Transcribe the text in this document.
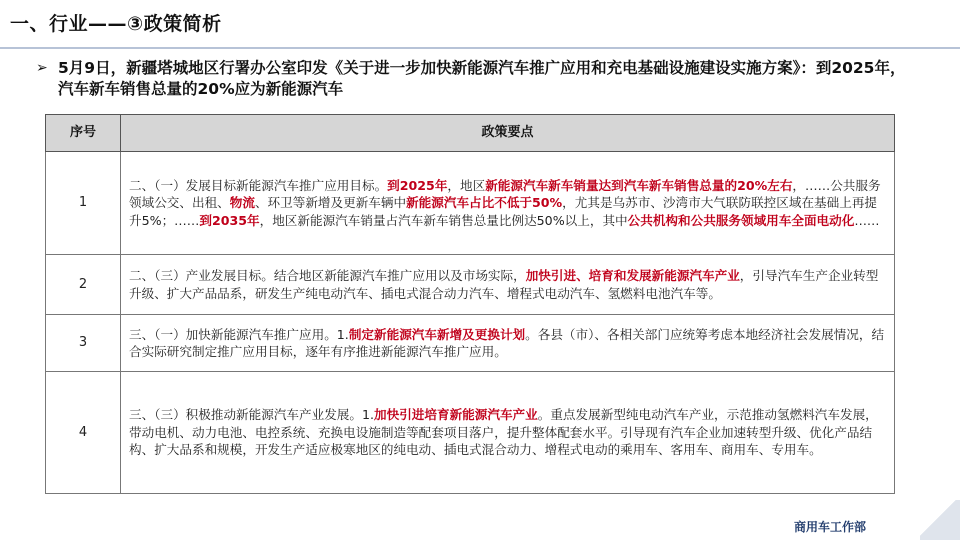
一、行业——③政策简析
➢ 5月9日，新疆塔城地区行署办公室印发《关于进一步加快新能源汽车推广应用和充电基础设施建设实施方案》：到2025年，汽车新车销售总量的20%应为新能源汽车
序号	政策要点
1	二、（一）发展目标新能源汽车推广应用目标。到2025年，地区新能源汽车新车销量达到汽车新车销售总量的20%左右，……公共服务领域公交、出租、物流、环卫等新增及更新车辆中新能源汽车占比不低于50%，尤其是乌苏市、沙湾市大气联防联控区域在基础上再提升5%；……到2035年，地区新能源汽车销量占汽车新车销售总量比例达50%以上，其中公共机构和公共服务领域用车全面电动化……
2	二、（三）产业发展目标。结合地区新能源汽车推广应用以及市场实际，加快引进、培育和发展新能源汽车产业，引导汽车生产企业转型升级、扩大产品品系，研发生产纯电动汽车、插电式混合动力汽车、增程式电动汽车、氢燃料电池汽车等。
3	三、（一）加快新能源汽车推广应用。1.制定新能源汽车新增及更换计划。各县（市）、各相关部门应统筹考虑本地经济社会发展情况，结合实际研究制定推广应用目标，逐年有序推进新能源汽车推广应用。
4	三、（三）积极推动新能源汽车产业发展。1.加快引进培育新能源汽车产业。重点发展新型纯电动汽车产业，示范推动氢燃料汽车发展，带动电机、动力电池、电控系统、充换电设施制造等配套项目落户，提升整体配套水平。引导现有汽车企业加速转型升级、优化产品结构、扩大品系和规模，开发生产适应极寒地区的纯电动、插电式混合动力、增程式电动的乘用车、客用车、商用车、专用车。
商用车工作部
